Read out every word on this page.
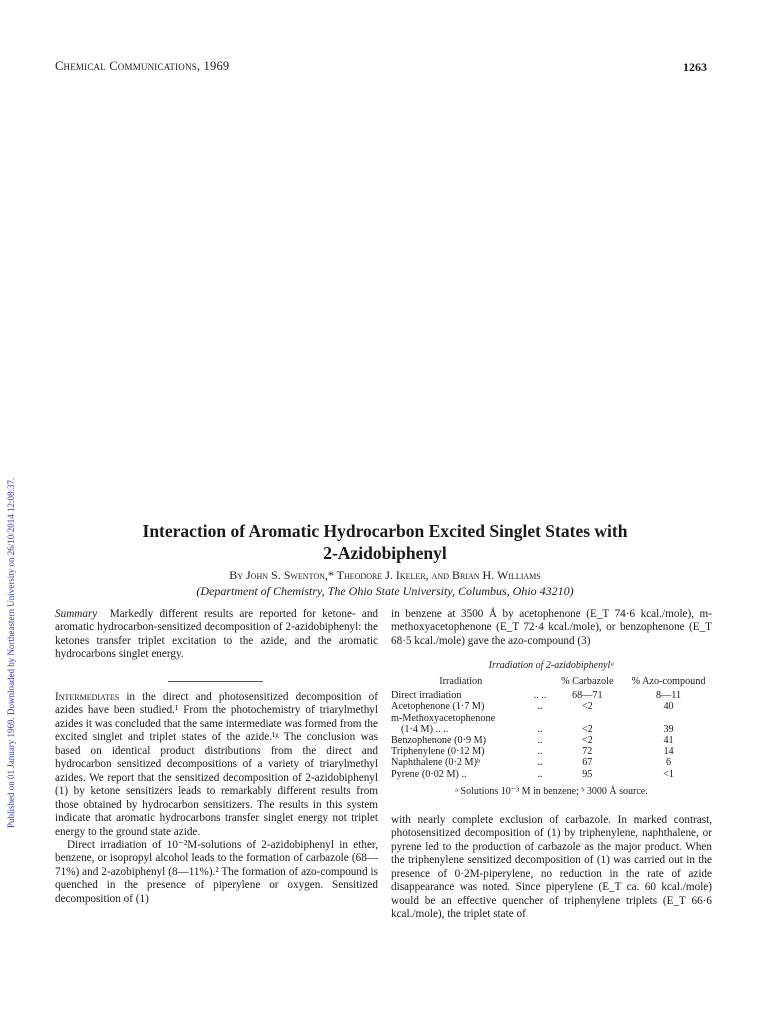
Chemical Communications, 1969	1263
Published on 01 January 1969. Downloaded by Northeastern University on 26/10/2014 12:08:37.	Interaction of Aromatic Hydrocarbon Excited Singlet States with
2-Azidobiphenyl
By John S. Swenton,* Theodore J. Ikeler, and Brian H. Williams
(Department of Chemistry, The Ohio State University, Columbus, Ohio 43210)

Summary Markedly different results are reported for ketone- and aromatic hydrocarbon-sensitized decomposition of 2-azidobiphenyl: the ketones transfer triplet excitation to the azide, and the aromatic hydrocarbons singlet energy.

Intermediates in the direct and photosensitized decomposition of azides have been studied.¹ From the photochemistry of triarylmethyl azides it was concluded that the same intermediate was formed from the excited singlet and triplet states of the azide.¹ᵍ The conclusion was based on identical product distributions from the direct and hydrocarbon sensitized decompositions of a variety of triarylmethyl azides. We report that the sensitized decomposition of 2-azidobiphenyl (1) by ketone sensitizers leads to remarkably different results from those obtained by hydrocarbon sensitizers. The results in this system indicate that aromatic hydrocarbons transfer singlet energy not triplet energy to the ground state azide.

Direct irradiation of 10⁻²M-solutions of 2-azidobiphenyl in ether, benzene, or isopropyl alcohol leads to the formation of carbazole (68—71%) and 2-azobiphenyl (8—11%).² The formation of azo-compound is quenched in the presence of piperylene or oxygen. Sensitized decomposition of (1)

in benzene at 3500 Å by acetophenone (E_T 74·6 kcal./mole), m-methoxyacetophenone (E_T 72·4 kcal./mole), or benzophenone (E_T 68·5 kcal./mole) gave the azo-compound (3)
Irradiation of 2-azidobiphenylᵃ
Irradiation		% Carbazole	% Azo-compound
Direct irradiation	.. ..	68—71	8—11
Acetophenone (1·7 M)	..	<2	40
m-Methoxyacetophenone			
(1·4 M) .. ..	..	<2	39
Benzophenone (0·9 M)	..	<2	41
Triphenylene (0·12 M)	..	72	14
Naphthalene (0·2 M)ᵇ	..	67	6
Pyrene (0·02 M) ..	..	95	<1
ᵃ Solutions 10⁻³ M in benzene; ᵇ 3000 Å source.
with nearly complete exclusion of carbazole. In marked contrast, photosensitized decomposition of (1) by triphenylene, naphthalene, or pyrene led to the production of carbazole as the major product. When the triphenylene sensitized decomposition of (1) was carried out in the presence of 0·2M-piperylene, no reduction in the rate of azide disappearance was noted. Since piperylene (E_T ca. 60 kcal./mole) would be an effective quencher of triphenylene triplets (E_T 66·6 kcal./mole), the triplet state of
